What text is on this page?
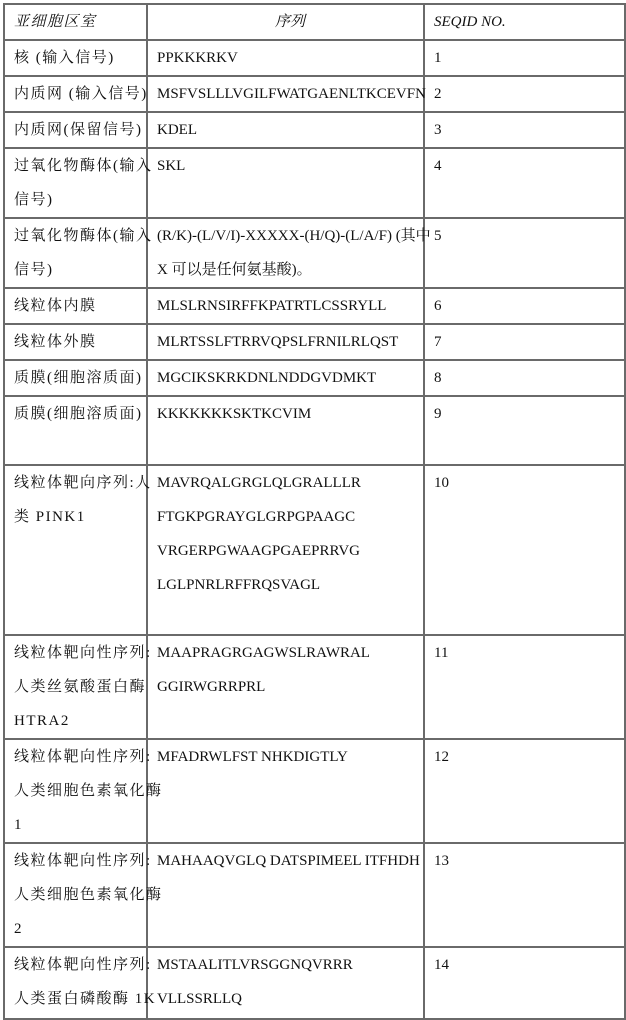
亚细胞区室	序列	SEQID NO.

核 (输入信号)	PPKKKRKV	1

内质网 (输入信号)	MSFVSLLLVGILFWATGAENLTKCEVFN	2

内质网(保留信号)	KDEL	3

过氧化物酶体(输入
信号)

SKL	4

过氧化物酶体(输入
信号)

(R/K)-(L/V/I)-XXXXX-(H/Q)-(L/A/F) (其中
X 可以是任何氨基酸)。
	5

线粒体内膜	MLSLRNSIRFFKPATRTLCSSRYLL	6

线粒体外膜	MLRTSSLFTRRVQPSLFRNILRLQST	7

质膜(细胞溶质面)	MGCIKSKRKDNLNDDGVDMKT	8

质膜(细胞溶质面)	KKKKKKKSKTKCVIM	9

线粒体靶向序列:人
类 PINK1

MAVRQALGRGLQLGRALLLR
FTGKPGRAYGLGRPGPAAGC
VRGERPGWAAGPGAEPRRVG
LGLPNRLRFFRQSVAGL
	10

线粒体靶向性序列:
人类丝氨酸蛋白酶
HTRA2

MAAPRAGRGAGWSLRAWRAL
GGIRWGRRPRL
	11

线粒体靶向性序列:
人类细胞色素氧化酶
1

MFADRWLFST NHKDIGTLY	12

线粒体靶向性序列:
人类细胞色素氧化酶
2

MAHAAQVGLQ DATSPIMEEL ITFHDH	13

线粒体靶向性序列:
人类蛋白磷酸酶 1K

MSTAALITLVRSGGNQVRRR
VLLSSRLLQ
	14
